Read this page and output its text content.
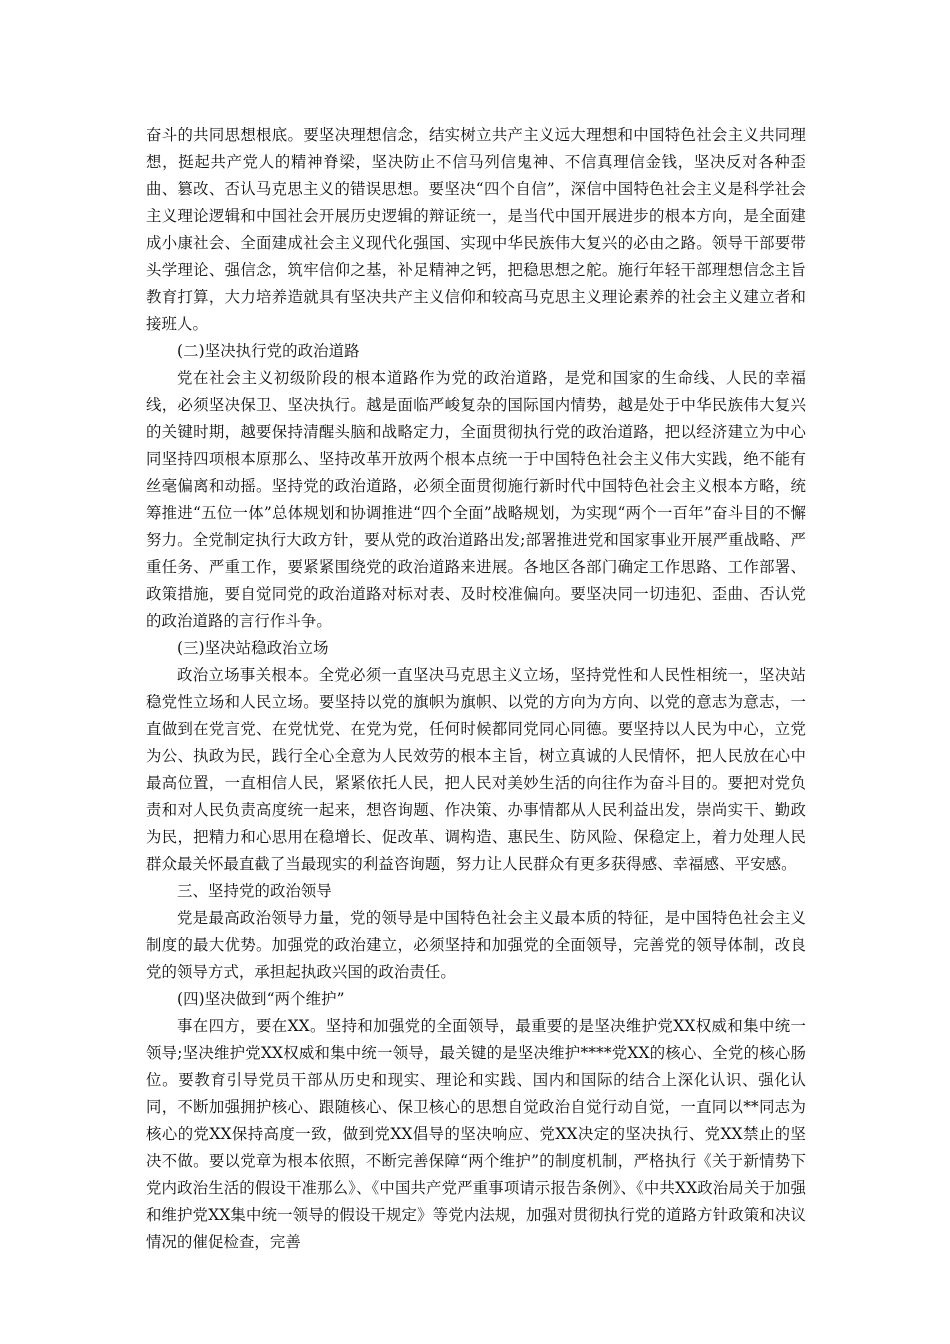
奋斗的共同思想根底。要坚决理想信念，结实树立共产主义远大理想和中国特色社会主义共同理想，挺起共产党人的精神脊梁，坚决防止不信马列信鬼神、不信真理信金钱，坚决反对各种歪曲、篡改、否认马克思主义的错误思想。要坚决“四个自信”，深信中国特色社会主义是科学社会主义理论逻辑和中国社会开展历史逻辑的辩证统一，是当代中国开展进步的根本方向，是全面建成小康社会、全面建成社会主义现代化强国、实现中华民族伟大复兴的必由之路。领导干部要带头学理论、强信念，筑牢信仰之基，补足精神之钙，把稳思想之舵。施行年轻干部理想信念主旨教育打算，大力培养造就具有坚决共产主义信仰和较高马克思主义理论素养的社会主义建立者和接班人。

(二)坚决执行党的政治道路

党在社会主义初级阶段的根本道路作为党的政治道路，是党和国家的生命线、人民的幸福线，必须坚决保卫、坚决执行。越是面临严峻复杂的国际国内情势，越是处于中华民族伟大复兴的关键时期，越要保持清醒头脑和战略定力，全面贯彻执行党的政治道路，把以经济建立为中心同坚持四项根本原那么、坚持改革开放两个根本点统一于中国特色社会主义伟大实践，绝不能有丝毫偏离和动摇。坚持党的政治道路，必须全面贯彻施行新时代中国特色社会主义根本方略，统筹推进“五位一体”总体规划和协调推进“四个全面”战略规划，为实现“两个一百年”奋斗目的不懈努力。全党制定执行大政方针，要从党的政治道路出发;部署推进党和国家事业开展严重战略、严重任务、严重工作，要紧紧围绕党的政治道路来进展。各地区各部门确定工作思路、工作部署、政策措施，要自觉同党的政治道路对标对表、及时校准偏向。要坚决同一切违犯、歪曲、否认党的政治道路的言行作斗争。

(三)坚决站稳政治立场

政治立场事关根本。全党必须一直坚决马克思主义立场，坚持党性和人民性相统一，坚决站稳党性立场和人民立场。要坚持以党的旗帜为旗帜、以党的方向为方向、以党的意志为意志，一直做到在党言党、在党忧党、在党为党，任何时候都同党同心同德。要坚持以人民为中心，立党为公、执政为民，践行全心全意为人民效劳的根本主旨，树立真诚的人民情怀，把人民放在心中最高位置，一直相信人民，紧紧依托人民，把人民对美妙生活的向往作为奋斗目的。要把对党负责和对人民负责高度统一起来，想咨询题、作决策、办事情都从人民利益出发，崇尚实干、勤政为民，把精力和心思用在稳增长、促改革、调构造、惠民生、防风险、保稳定上，着力处理人民群众最关怀最直截了当最现实的利益咨询题，努力让人民群众有更多获得感、幸福感、平安感。

三、坚持党的政治领导

党是最高政治领导力量，党的领导是中国特色社会主义最本质的特征，是中国特色社会主义制度的最大优势。加强党的政治建立，必须坚持和加强党的全面领导，完善党的领导体制，改良党的领导方式，承担起执政兴国的政治责任。

(四)坚决做到“两个维护”

事在四方，要在XX。坚持和加强党的全面领导，最重要的是坚决维护党XX权威和集中统一领导;坚决维护党XX权威和集中统一领导，最关键的是坚决维护****党XX的核心、全党的核心肠位。要教育引导党员干部从历史和现实、理论和实践、国内和国际的结合上深化认识、强化认同，不断加强拥护核心、跟随核心、保卫核心的思想自觉政治自觉行动自觉，一直同以**同志为核心的党XX保持高度一致，做到党XX倡导的坚决响应、党XX决定的坚决执行、党XX禁止的坚决不做。要以党章为根本依照，不断完善保障“两个维护”的制度机制，严格执行《关于新情势下党内政治生活的假设干准那么》、《中国共产党严重事项请示报告条例》、《中共XX政治局关于加强和维护党XX集中统一领导的假设干规定》等党内法规，加强对贯彻执行党的道路方针政策和决议情况的催促检查，完善
